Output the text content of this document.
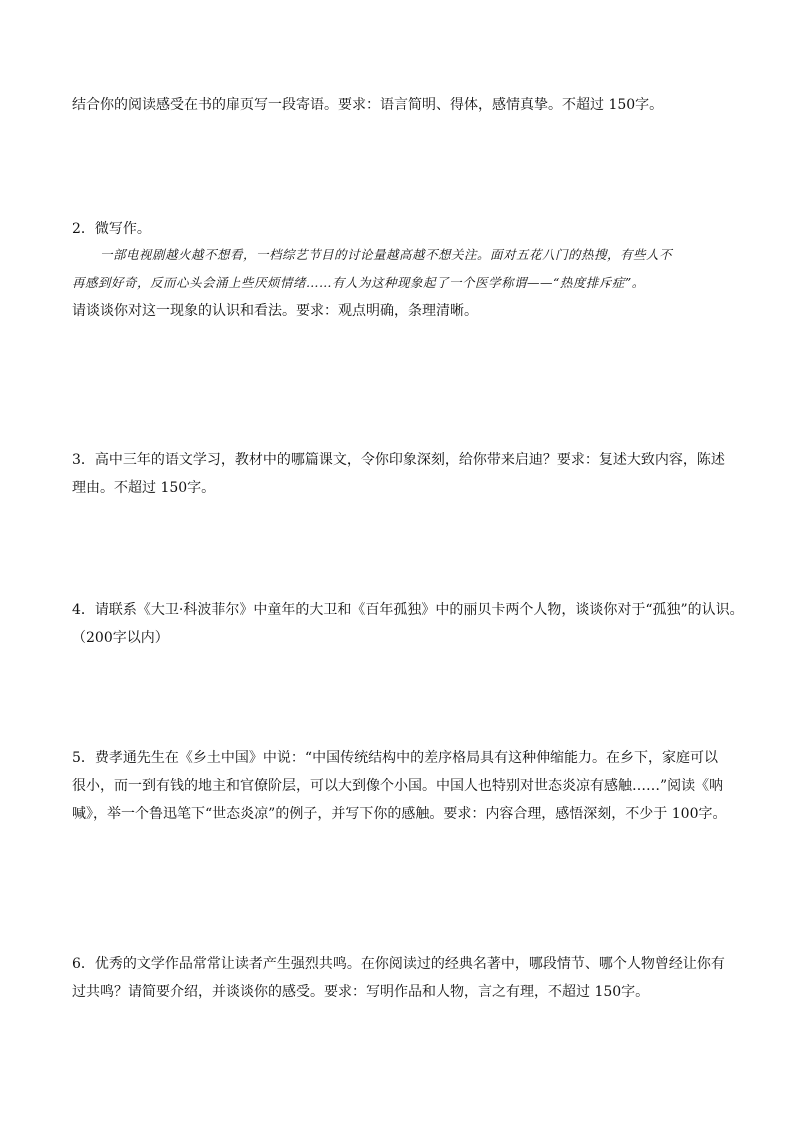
结合你的阅读感受在书的扉页写一段寄语。要求：语言简明、得体，感情真挚。不超过 150字。
2．微写作。
一部电视剧越火越不想看，一档综艺节目的讨论量越高越不想关注。面对五花八门的热搜，有些人不
再感到好奇，反而心头会涌上些厌烦情绪……有人为这种现象起了一个医学称谓——“热度排斥症”。
请谈谈你对这一现象的认识和看法。要求：观点明确，条理清晰。
3．高中三年的语文学习，教材中的哪篇课文，令你印象深刻，给你带来启迪？要求：复述大致内容，陈述
理由。不超过 150字。
4．请联系《大卫·科波菲尔》中童年的大卫和《百年孤独》中的丽贝卡两个人物，谈谈你对于“孤独”的认识。
（200字以内）
5．费孝通先生在《乡土中国》中说：“中国传统结构中的差序格局具有这种伸缩能力。在乡下，家庭可以
很小，而一到有钱的地主和官僚阶层，可以大到像个小国。中国人也特别对世态炎凉有感触……”阅读《呐
喊》，举一个鲁迅笔下“世态炎凉”的例子，并写下你的感触。要求：内容合理，感悟深刻，不少于 100字。
6．优秀的文学作品常常让读者产生强烈共鸣。在你阅读过的经典名著中，哪段情节、哪个人物曾经让你有
过共鸣？请简要介绍，并谈谈你的感受。要求：写明作品和人物，言之有理，不超过 150字。
